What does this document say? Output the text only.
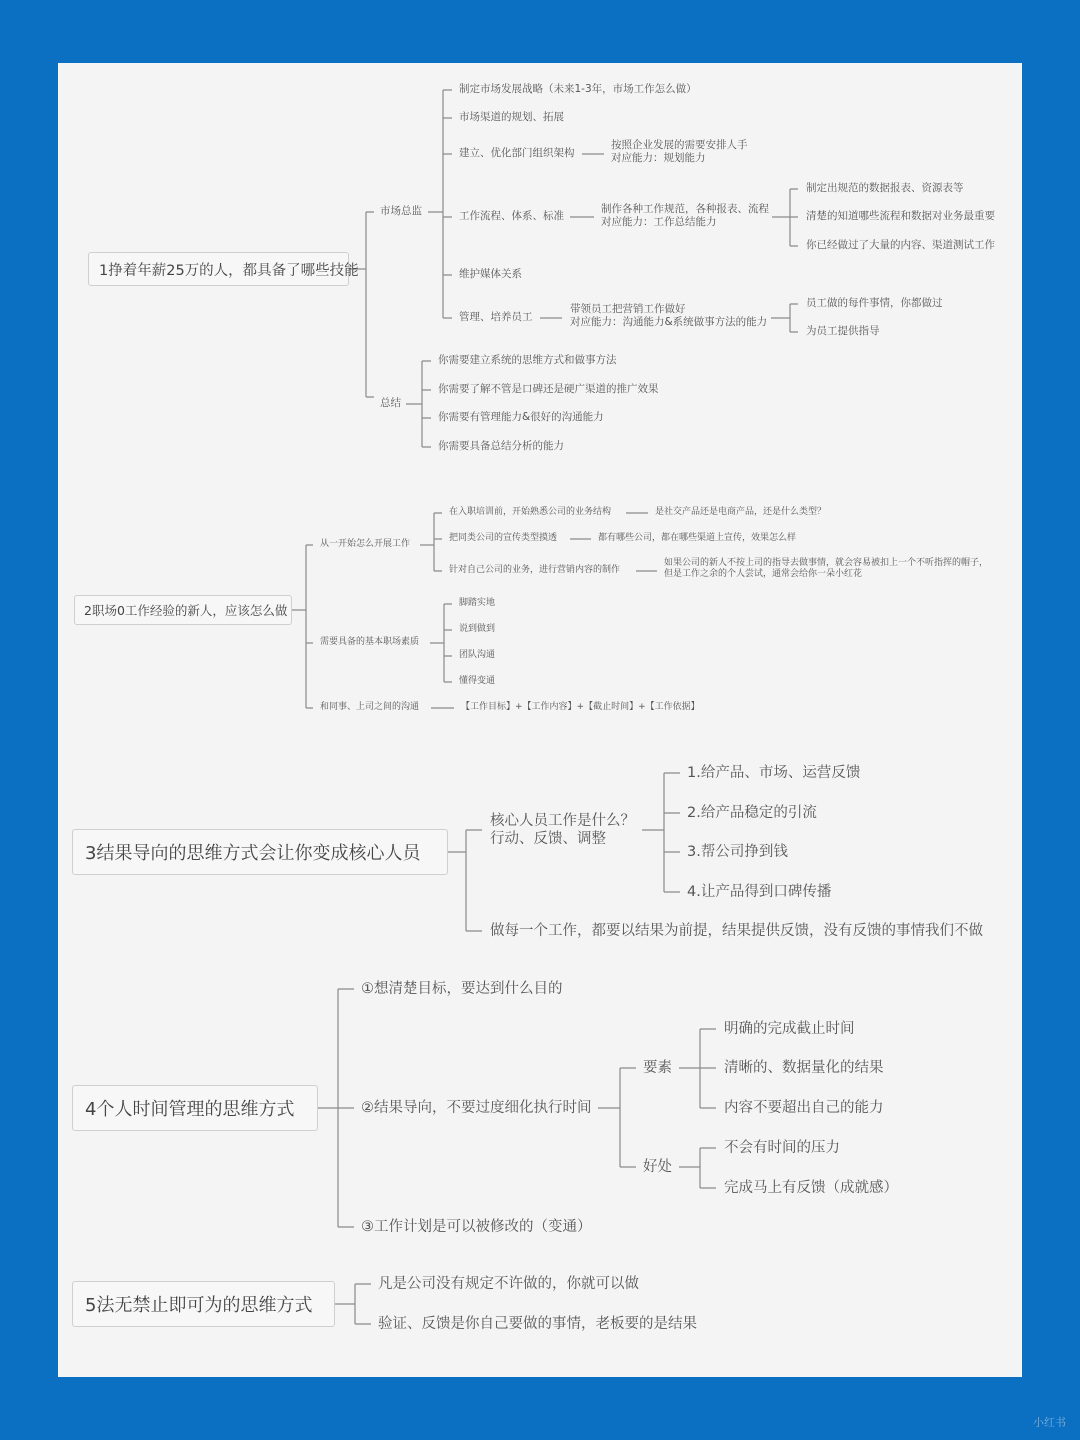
1挣着年薪25万的人，都具备了哪些技能
市场总监
制定市场发展战略（未来1-3年，市场工作怎么做）
市场渠道的规划、拓展
建立、优化部门组织架构
按照企业发展的需要安排人手
对应能力：规划能力
工作流程、体系、标准
制作各种工作规范，各种报表、流程
对应能力：工作总结能力
制定出规范的数据报表、资源表等
清楚的知道哪些流程和数据对业务最重要
你已经做过了大量的内容、渠道测试工作
维护媒体关系
管理、培养员工
带领员工把营销工作做好
对应能力：沟通能力&系统做事方法的能力
员工做的每件事情，你都做过
为员工提供指导
总结
你需要建立系统的思维方式和做事方法
你需要了解不管是口碑还是硬广渠道的推广效果
你需要有管理能力&很好的沟通能力
你需要具备总结分析的能力
2职场0工作经验的新人，应该怎么做
从一开始怎么开展工作
在入职培训前，开始熟悉公司的业务结构	是社交产品还是电商产品，还是什么类型？
把同类公司的宣传类型摸透	都有哪些公司，都在哪些渠道上宣传，效果怎么样
针对自己公司的业务，进行营销内容的制作
如果公司的新人不按上司的指导去做事情，就会容易被扣上一个不听指挥的帽子，
但是工作之余的个人尝试，通常会给你一朵小红花
需要具备的基本职场素质
脚踏实地
说到做到
团队沟通
懂得变通
和同事、上司之间的沟通	【工作目标】+【工作内容】+【截止时间】+【工作依据】
3结果导向的思维方式会让你变成核心人员
核心人员工作是什么？
行动、反馈、调整
1.给产品、市场、运营反馈
2.给产品稳定的引流
3.帮公司挣到钱
4.让产品得到口碑传播
做每一个工作，都要以结果为前提，结果提供反馈，没有反馈的事情我们不做
4个人时间管理的思维方式
①想清楚目标，要达到什么目的
②结果导向，不要过度细化执行时间
要素
明确的完成截止时间
清晰的、数据量化的结果
内容不要超出自己的能力
好处
不会有时间的压力
完成马上有反馈（成就感）
③工作计划是可以被修改的（变通）
5法无禁止即可为的思维方式
凡是公司没有规定不许做的，你就可以做
验证、反馈是你自己要做的事情，老板要的是结果
小红书
